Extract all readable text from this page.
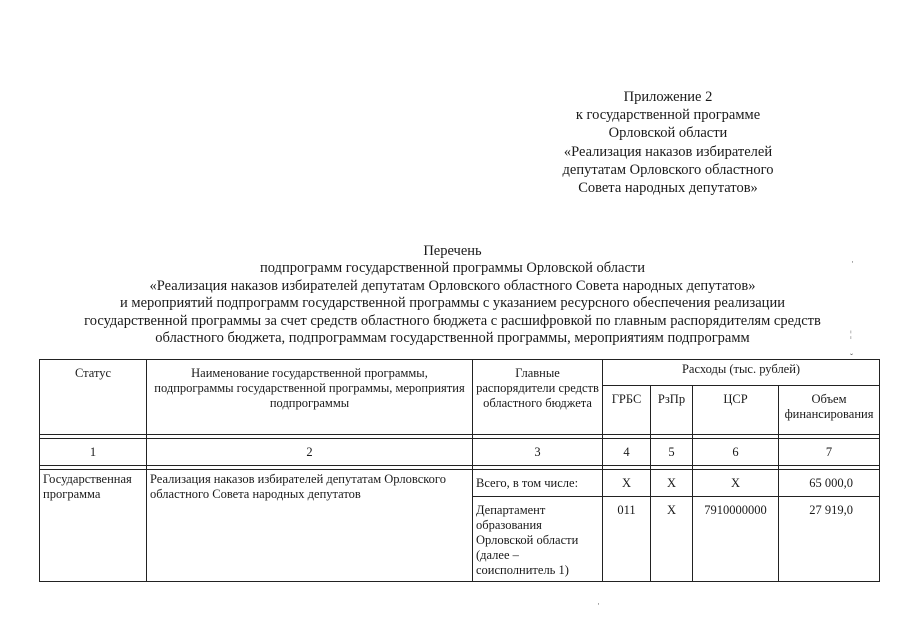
Приложение 2
к государственной программе
Орловской области
«Реализация наказов избирателей
депутатам Орловского областного
Совета народных депутатов»
Перечень
подпрограмм государственной программы Орловской области
«Реализация наказов избирателей депутатам Орловского областного Совета народных депутатов»
и мероприятий подпрограмм государственной программы с указанием ресурсного обеспечения реализации
государственной программы за счет средств областного бюджета с расшифровкой по главным распорядителям средств
областного бюджета, подпрограммам государственной программы, мероприятиям подпрограмм
·
¦
ˇ
·
Статус	Наименование государственной программы, подпрограммы государственной программы, мероприятия подпрограммы	Главные распорядители средств областного бюджета	Расходы (тыс. рублей)			
			ГРБС	РзПр	ЦСР	Объем финансирования

1	2	3	4	5	6	7

Государственная программа	Реализация наказов избирателей депутатам Орловского областного Совета народных депутатов	Всего, в том числе:	Х	Х	Х	65 000,0
		Департамент образования Орловской области (далее – соисполнитель 1)	011	Х	7910000000	27 919,0
